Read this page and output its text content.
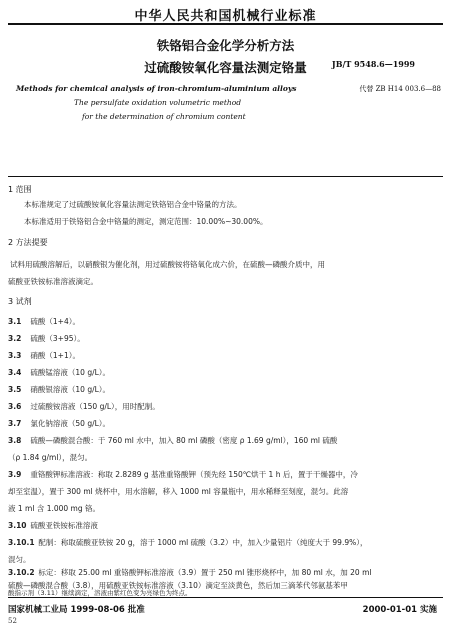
中华人民共和国机械行业标准
铁铬铝合金化学分析方法
过硫酸铵氧化容量法测定铬量	JB/T 9548.6—1999
代替 ZB H14 003.6—88
Methods for chemical analysis of iron-chromium-aluminium alloys
The persulfate oxidation volumetric method
for the determination of chromium content
1 范围
本标准规定了过硫酸铵氧化容量法测定铁铬铝合金中铬量的方法。
本标准适用于铁铬铝合金中铬量的测定，测定范围：10.00%~30.00%。
2 方法提要
试料用硫酸溶解后，以硝酸银为催化剂，用过硫酸铵将铬氧化成六价，在硫酸—磷酸介质中，用
硫酸亚铁铵标准溶液滴定。
3 试剂
3.1 硫酸（1+4）。
3.2 硫酸（3+95）。
3.3 硝酸（1+1）。
3.4 硫酸锰溶液（10 g/L）。
3.5 硝酸银溶液（10 g/L）。
3.6 过硫酸铵溶液（150 g/L），用时配制。
3.7 氯化钠溶液（50 g/L）。
3.8 硫酸—磷酸混合酸：于 760 ml 水中，加入 80 ml 磷酸（密度 ρ 1.69 g/ml），160 ml 硫酸
（ρ 1.84 g/ml），混匀。
3.9 重铬酸钾标准溶液：称取 2.8289 g 基准重铬酸钾（预先经 150℃烘干 1 h 后，置于干燥器中，冷
却至室温），置于 300 ml 烧杯中，用水溶解，移入 1000 ml 容量瓶中，用水稀释至刻度，混匀。此溶
液 1 ml 含 1.000 mg 铬。
3.10 硫酸亚铁铵标准溶液
3.10.1 配制：称取硫酸亚铁铵 20 g，溶于 1000 ml 硫酸（3.2）中，加入少量铝片（纯度大于 99.9%），
混匀。
3.10.2 标定：移取 25.00 ml 重铬酸钾标准溶液（3.9）置于 250 ml 锥形烧杯中，加 80 ml 水，加 20 ml
硫酸—磷酸混合酸（3.8），用硫酸亚铁铵标准溶液（3.10）滴定至淡黄色，然后加三滴苯代邻氨基苯甲
酸指示剂（3.11）继续滴定，溶液由紫红色变为亮绿色为终点。
国家机械工业局 1999-08-06 批准	2000-01-01 实施
52
